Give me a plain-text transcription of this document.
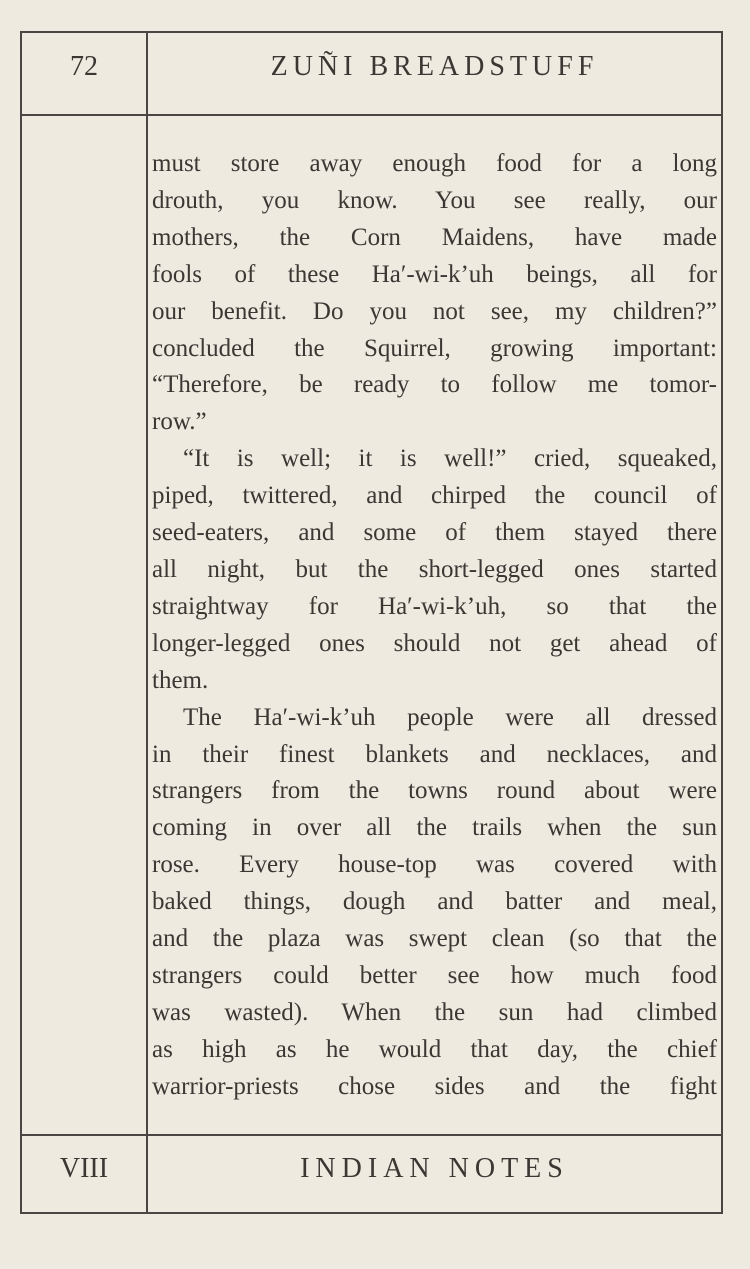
72	ZUÑI BREADSTUFF
must store away enough food for a long
drouth, you know. You see really, our
mothers, the Corn Maidens, have made
fools of these Ha′-wi-k’uh beings, all for
our benefit. Do you not see, my children?”
concluded the Squirrel, growing important:
“Therefore, be ready to follow me tomor-
row.”
“It is well; it is well!” cried, squeaked,
piped, twittered, and chirped the council of
seed-eaters, and some of them stayed there
all night, but the short-legged ones started
straightway for Ha′-wi-k’uh, so that the
longer-legged ones should not get ahead of
them.
The Ha′-wi-k’uh people were all dressed
in their finest blankets and necklaces, and
strangers from the towns round about were
coming in over all the trails when the sun
rose. Every house-top was covered with
baked things, dough and batter and meal,
and the plaza was swept clean (so that the
strangers could better see how much food
was wasted). When the sun had climbed
as high as he would that day, the chief
warrior-priests chose sides and the fight
VIII	INDIAN NOTES
